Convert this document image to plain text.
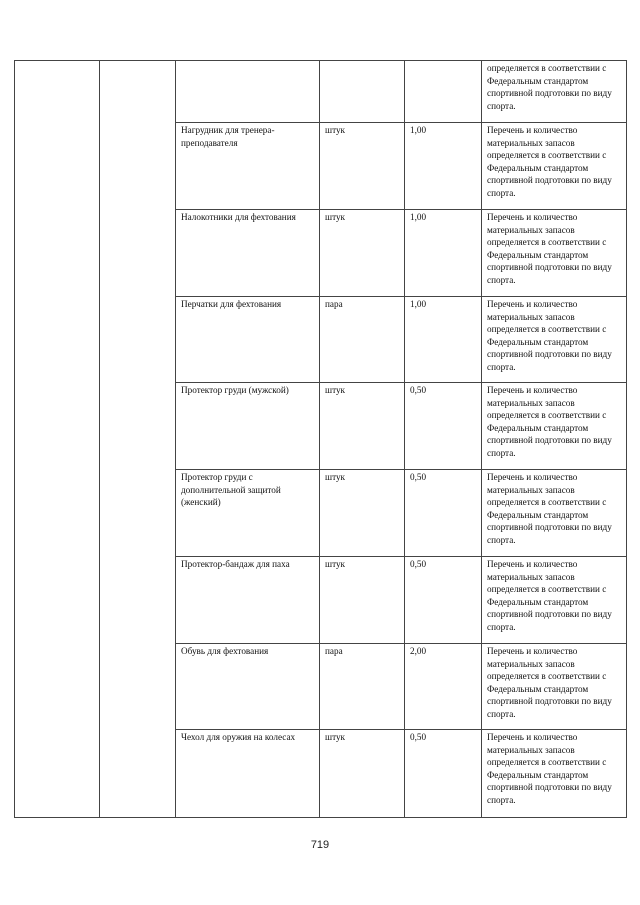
					определяется в соответствии с Федеральным стандартом спортивной подготовки по виду спорта.
		Нагрудник для тренера-преподавателя	штук	1,00	Перечень и количество материальных запасов определяется в соответствии с Федеральным стандартом спортивной подготовки по виду спорта.
		Налокотники для фехтования	штук	1,00	Перечень и количество материальных запасов определяется в соответствии с Федеральным стандартом спортивной подготовки по виду спорта.
		Перчатки для фехтования	пара	1,00	Перечень и количество материальных запасов определяется в соответствии с Федеральным стандартом спортивной подготовки по виду спорта.
		Протектор груди (мужской)	штук	0,50	Перечень и количество материальных запасов определяется в соответствии с Федеральным стандартом спортивной подготовки по виду спорта.
		Протектор груди с дополнительной защитой (женский)	штук	0,50	Перечень и количество материальных запасов определяется в соответствии с Федеральным стандартом спортивной подготовки по виду спорта.
		Протектор-бандаж для паха	штук	0,50	Перечень и количество материальных запасов определяется в соответствии с Федеральным стандартом спортивной подготовки по виду спорта.
		Обувь для фехтования	пара	2,00	Перечень и количество материальных запасов определяется в соответствии с Федеральным стандартом спортивной подготовки по виду спорта.
		Чехол для оружия на колесах	штук	0,50	Перечень и количество материальных запасов определяется в соответствии с Федеральным стандартом спортивной подготовки по виду спорта.
719
